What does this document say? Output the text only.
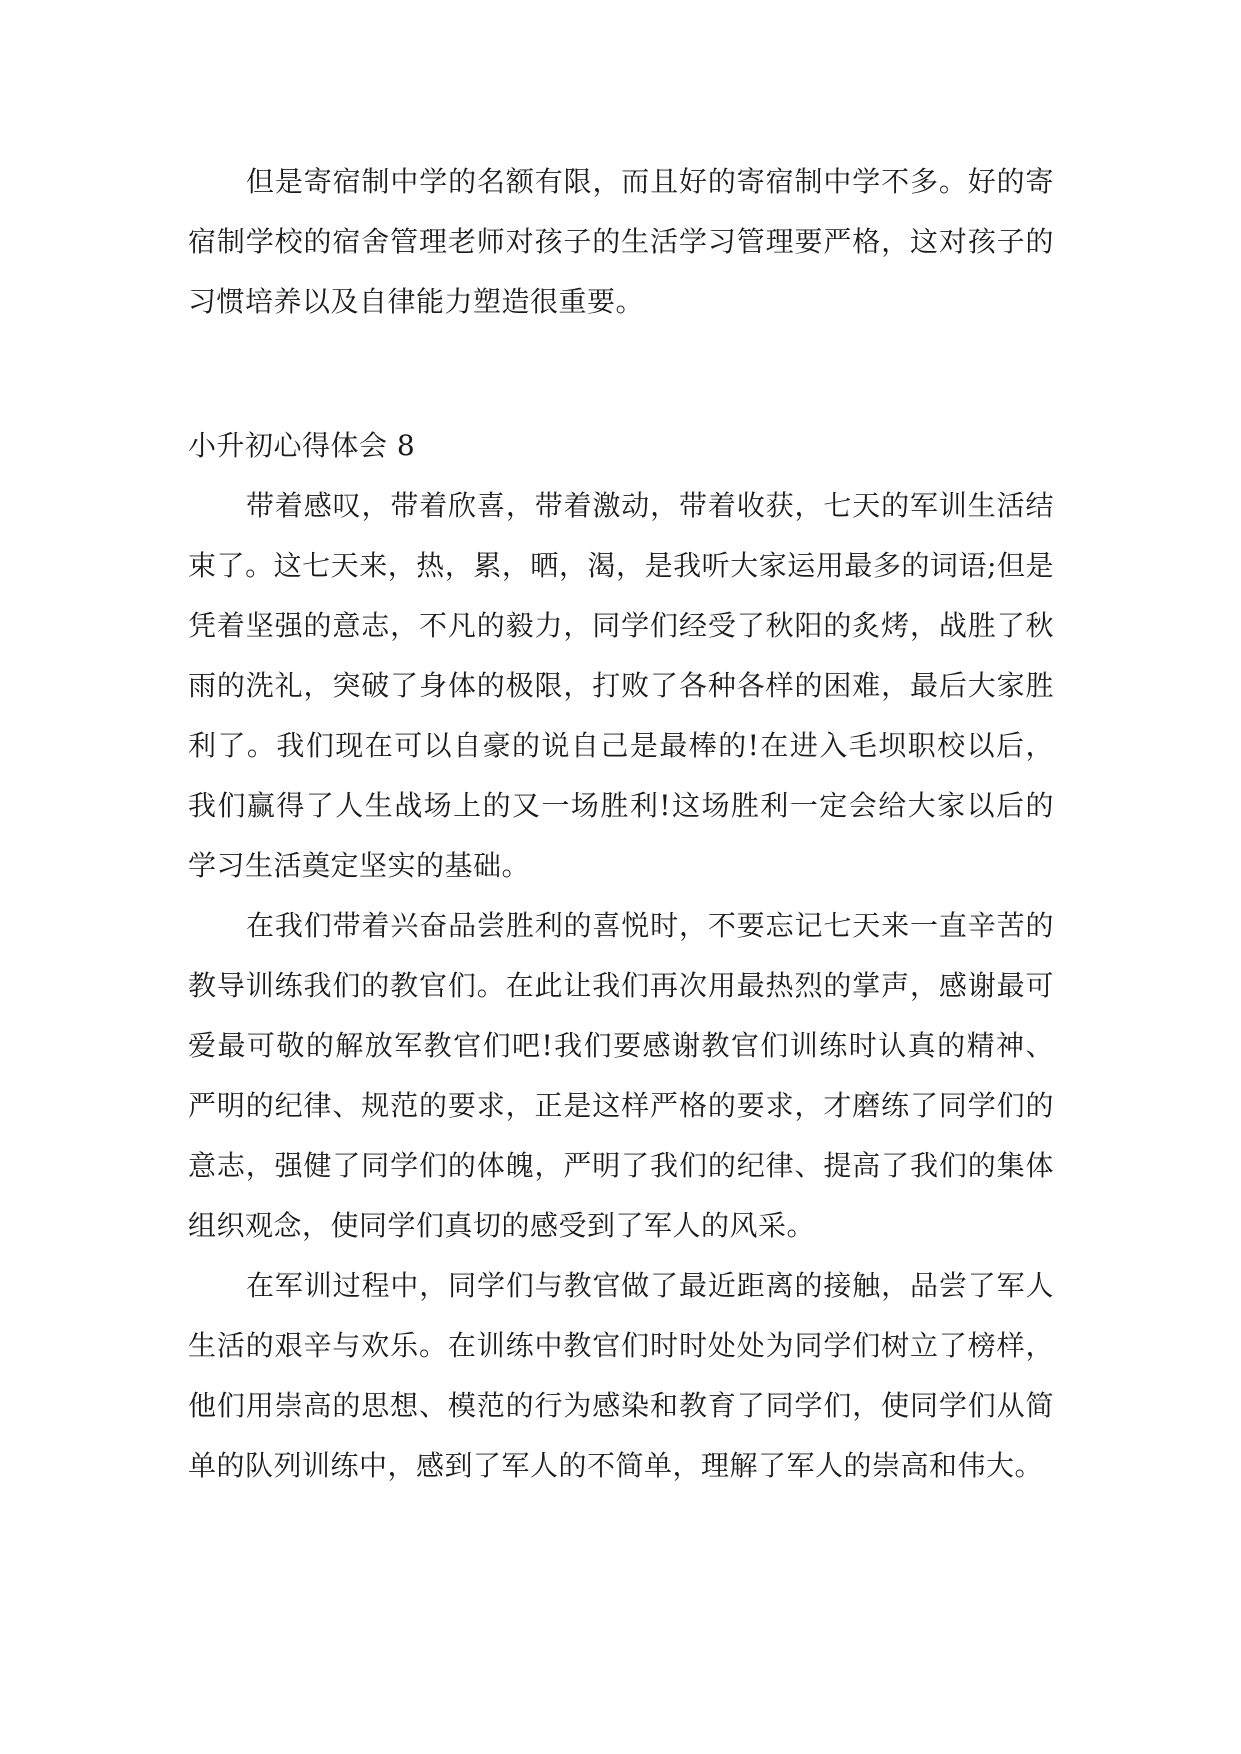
但是寄宿制中学的名额有限，而且好的寄宿制中学不多。好的寄宿制学校的宿舍管理老师对孩子的生活学习管理要严格，这对孩子的习惯培养以及自律能力塑造很重要。

小升初心得体会 8

带着感叹，带着欣喜，带着激动，带着收获，七天的军训生活结束了。这七天来，热，累，晒，渴，是我听大家运用最多的词语;但是凭着坚强的意志，不凡的毅力，同学们经受了秋阳的炙烤，战胜了秋雨的洗礼，突破了身体的极限，打败了各种各样的困难，最后大家胜利了。我们现在可以自豪的说自己是最棒的!在进入毛坝职校以后，我们赢得了人生战场上的又一场胜利!这场胜利一定会给大家以后的学习生活奠定坚实的基础。

在我们带着兴奋品尝胜利的喜悦时，不要忘记七天来一直辛苦的教导训练我们的教官们。在此让我们再次用最热烈的掌声，感谢最可爱最可敬的解放军教官们吧!我们要感谢教官们训练时认真的精神、严明的纪律、规范的要求，正是这样严格的要求，才磨练了同学们的意志，强健了同学们的体魄，严明了我们的纪律、提高了我们的集体组织观念，使同学们真切的感受到了军人的风采。

在军训过程中，同学们与教官做了最近距离的接触，品尝了军人生活的艰辛与欢乐。在训练中教官们时时处处为同学们树立了榜样，他们用崇高的思想、模范的行为感染和教育了同学们，使同学们从简单的队列训练中，感到了军人的不简单，理解了军人的崇高和伟大。
